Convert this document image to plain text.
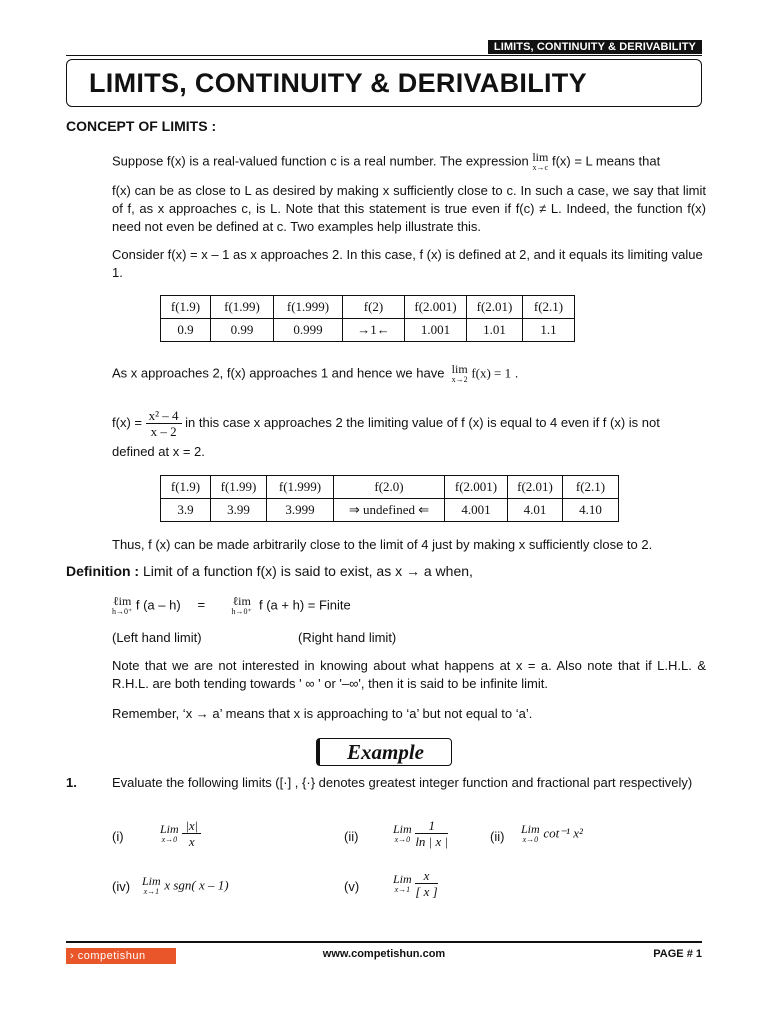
LIMITS, CONTINUITY & DERIVABILITY
LIMITS, CONTINUITY & DERIVABILITY
CONCEPT OF LIMITS :
Suppose f(x) is a real-valued function c is a real number. The expression lim
x→c f(x) = L means that
f(x) can be as close to L as desired by making x sufficiently close to c. In such a case, we say that limit of f, as x approaches c, is L. Note that this statement is true even if f(c) ≠ L. Indeed, the function f(x) need not even be defined at c. Two examples help illustrate this.
Consider f(x) = x – 1 as x approaches 2. In this case, f (x) is defined at 2, and it equals its limiting value 1.
f(1.9)	f(1.99)	f(1.999)	f(2)	f(2.001)	f(2.01)	f(2.1)
0.9	0.99	0.999	→1←	1.001	1.01	1.1
As x approaches 2, f(x) approaches 1 and hence we have lim
x→2 f(x) = 1 .
$f(x) = \frac{\text{x² – 4}}{x - 2}$ in this case x approaches 2 the limiting value of f (x) is equal to 4 even if f (x) is not
defined at x = 2.
f(1.9)	f(1.99)	f(1.999)	f(2.0)	f(2.001)	f(2.01)	f(2.1)
3.9	3.99	3.999	⇒ undefined ⇐	4.001	4.01	4.10
Thus, f (x) can be made arbitrarily close to the limit of 4 just by making x sufficiently close to 2.
Definition : Limit of a function f(x) is said to exist, as x → a when,
ℓim
h→0⁺ f (a – h) = ℓim
h→0⁺ f (a + h) = Finite
(Left hand limit)	(Right hand limit)
Note that we are not interested in knowing about what happens at x = a. Also note that if L.H.L. & R.H.L. are both tending towards ' ∞ ' or '–∞', then it is said to be infinite limit.
Remember, ‘x → a’ means that x is approaching to ‘a’ but not equal to ‘a’.
Example
1.	Evaluate the following limits ([·] , {·} denotes greatest integer function and fractional part respectively)
(i)
Lim
x→0
$\frac{|x|}{x}$	(ii)
Lim
x→0
$\frac{1}{\ln | x |}$	(ii) Lim
x→0 cot⁻¹ x²
(iv) Lim
x→1 x sgn( x – 1)	(v)
Lim
x→1
$\frac{x}{[ x ]}$
› competishun	www.competishun.com	PAGE # 1
